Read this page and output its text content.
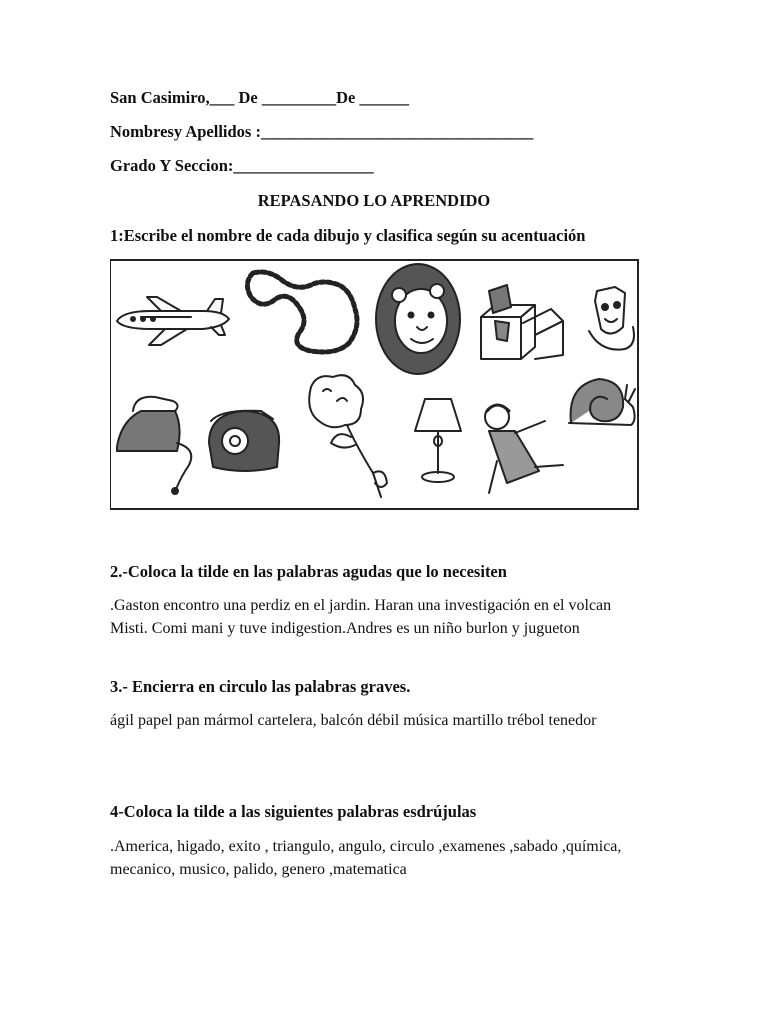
San Casimiro,___ De _________De ______
Nombresy Apellidos :_________________________________
Grado Y Seccion:_________________
REPASANDO LO APRENDIDO
1:Escribe el nombre de cada dibujo y clasifica según su acentuación
2.-Coloca la tilde en las palabras agudas que lo necesiten
.Gaston encontro una perdiz en el jardin. Haran una investigación en el volcan Misti. Comi mani y tuve indigestion.Andres es un niño burlon y jugueton
3.- Encierra en circulo las palabras graves.
ágil papel pan mármol cartelera, balcón débil música martillo trébol tenedor
4-Coloca la tilde a las siguientes palabras esdrújulas
.America, higado, exito , triangulo, angulo, circulo ,examenes ,sabado ,química, mecanico, musico, palido, genero ,matematica
